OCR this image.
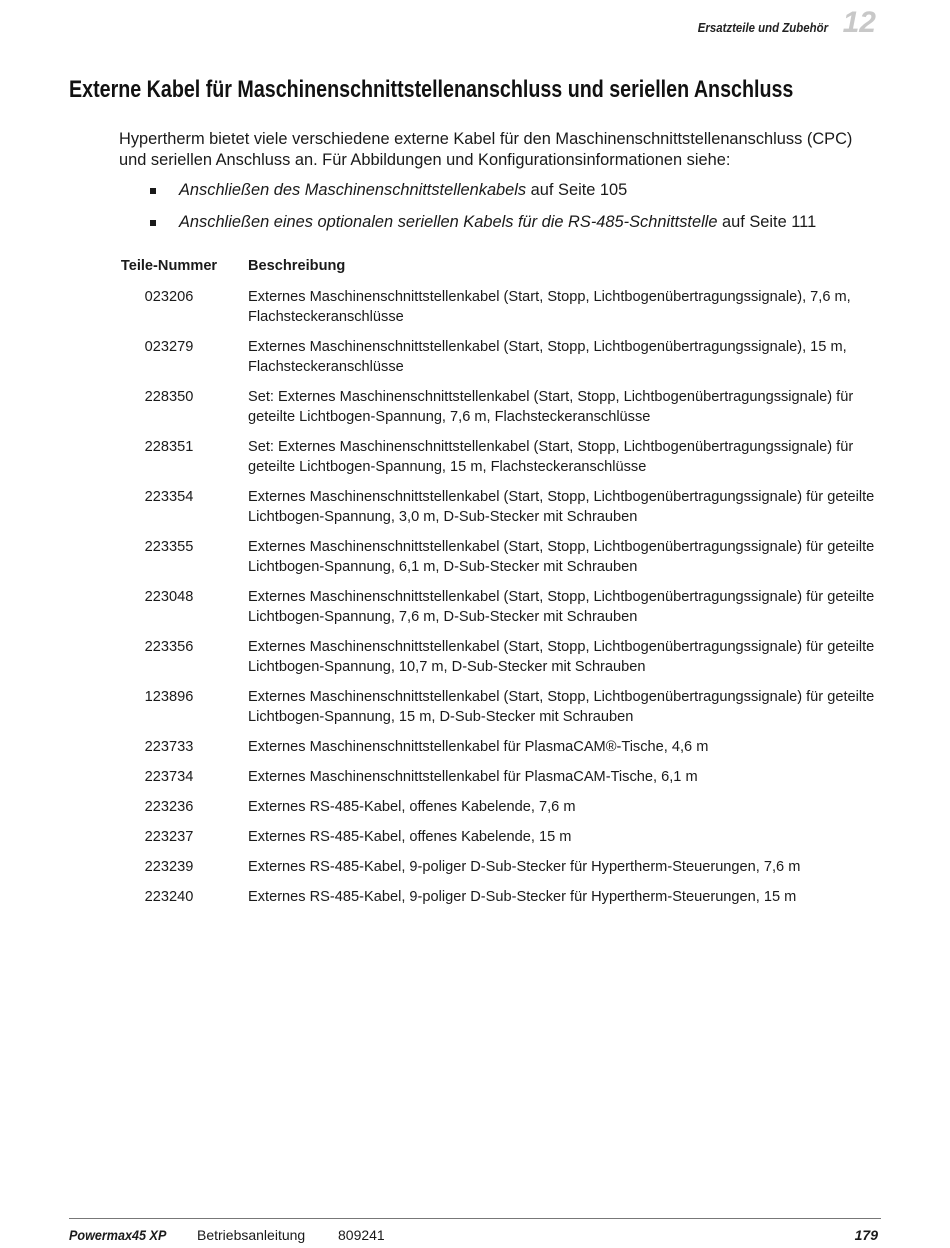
Ersatzteile und Zubehör 12
Externe Kabel für Maschinenschnittstellenanschluss und seriellen Anschluss

Hypertherm bietet viele verschiedene externe Kabel für den Maschinenschnittstellenanschluss (CPC) und seriellen Anschluss an. Für Abbildungen und Konfigurationsinformationen siehe:

Anschließen des Maschinenschnittstellenkabels auf Seite 105
Anschließen eines optionalen seriellen Kabels für die RS-485-Schnittstelle auf Seite 111
Teile-Nummer	Beschreibung
023206	Externes Maschinenschnittstellenkabel (Start, Stopp, Lichtbogenübertragungssignale), 7,6 m, Flachsteckeranschlüsse
023279	Externes Maschinenschnittstellenkabel (Start, Stopp, Lichtbogenübertragungssignale), 15 m, Flachsteckeranschlüsse
228350	Set: Externes Maschinenschnittstellenkabel (Start, Stopp, Lichtbogenübertragungssignale) für geteilte Lichtbogen-Spannung, 7,6 m, Flachsteckeranschlüsse
228351	Set: Externes Maschinenschnittstellenkabel (Start, Stopp, Lichtbogenübertragungssignale) für geteilte Lichtbogen-Spannung, 15 m, Flachsteckeranschlüsse
223354	Externes Maschinenschnittstellenkabel (Start, Stopp, Lichtbogenübertragungssignale) für geteilte Lichtbogen-Spannung, 3,0 m, D-Sub-Stecker mit Schrauben
223355	Externes Maschinenschnittstellenkabel (Start, Stopp, Lichtbogenübertragungssignale) für geteilte Lichtbogen-Spannung, 6,1 m, D-Sub-Stecker mit Schrauben
223048	Externes Maschinenschnittstellenkabel (Start, Stopp, Lichtbogenübertragungssignale) für geteilte Lichtbogen-Spannung, 7,6 m, D-Sub-Stecker mit Schrauben
223356	Externes Maschinenschnittstellenkabel (Start, Stopp, Lichtbogenübertragungssignale) für geteilte Lichtbogen-Spannung, 10,7 m, D-Sub-Stecker mit Schrauben
123896	Externes Maschinenschnittstellenkabel (Start, Stopp, Lichtbogenübertragungssignale) für geteilte Lichtbogen-Spannung, 15 m, D-Sub-Stecker mit Schrauben
223733	Externes Maschinenschnittstellenkabel für PlasmaCAM®-Tische, 4,6 m
223734	Externes Maschinenschnittstellenkabel für PlasmaCAM-Tische, 6,1 m
223236	Externes RS-485-Kabel, offenes Kabelende, 7,6 m
223237	Externes RS-485-Kabel, offenes Kabelende, 15 m
223239	Externes RS-485-Kabel, 9-poliger D-Sub-Stecker für Hypertherm-Steuerungen, 7,6 m
223240	Externes RS-485-Kabel, 9-poliger D-Sub-Stecker für Hypertherm-Steuerungen, 15 m
Powermax45 XP Betriebsanleitung 809241	179
